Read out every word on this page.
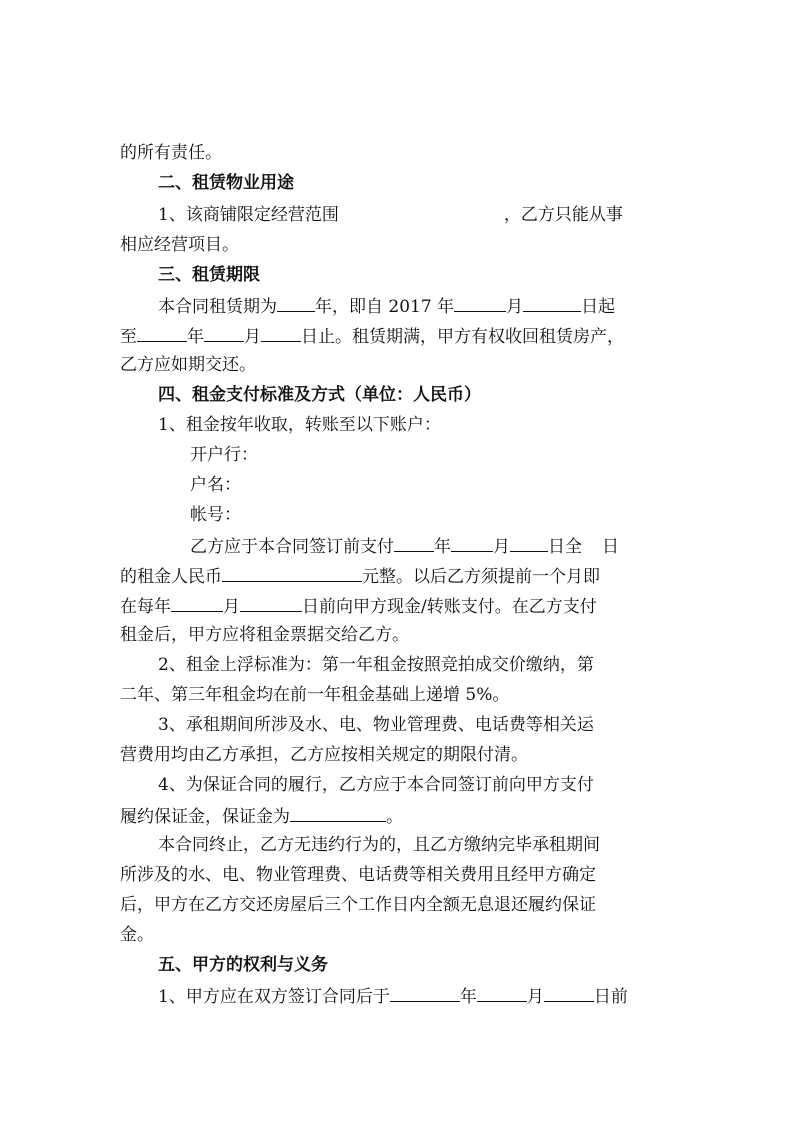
的所有责任。
二、租赁物业用途
1、该商铺限定经营范围	，乙方只能从事
相应经营项目。
三、租赁期限
本合同租赁期为 年，即自 2017 年	月	日起
至	年 月 日止。租赁期满，甲方有权收回租赁房产，
乙方应如期交还。
四、租金支付标准及方式（单位：人民币）
1、租金按年收取，转账至以下账户：
开户行：
户名：
帐号：
乙方应于本合同签订前支付 年 月 日全 日
的租金人民币	元整。以后乙方须提前一个月即
在每年	月	日前向甲方现金/转账支付。在乙方支付
租金后，甲方应将租金票据交给乙方。
2、租金上浮标准为：第一年租金按照竞拍成交价缴纳，第
二年、第三年租金均在前一年租金基础上递增 5%。
3、承租期间所涉及水、电、物业管理费、电话费等相关运
营费用均由乙方承担，乙方应按相关规定的期限付清。
4、为保证合同的履行，乙方应于本合同签订前向甲方支付
履约保证金，保证金为	。
本合同终止，乙方无违约行为的，且乙方缴纳完毕承租期间
所涉及的水、电、物业管理费、电话费等相关费用且经甲方确定
后，甲方在乙方交还房屋后三个工作日内全额无息退还履约保证
金。
五、甲方的权利与义务
1、甲方应在双方签订合同后于	年	月	日前
